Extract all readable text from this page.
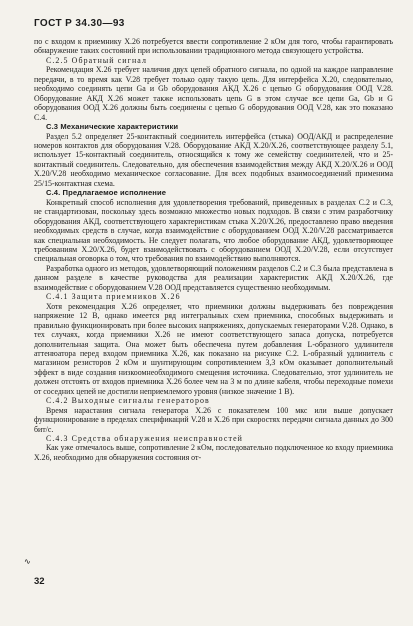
ГОСТ Р 34.30—93

по с входом к приемнику X.26 потребуется ввести сопротивление 2 кОм для того, чтобы гарантировать обнаружение таких состояний при использовании традиционного метода связующего устройства.

С.2.5 Обратный сигнал

Рекомендация X.26 требует наличия двух цепей обратного сигнала, по одной на каждое направление передачи, в то время как V.28 требует только одну такую цепь. Для интерфейса X.20, следовательно, необходимо соединять цепи Ga и Gb оборудования АКД X.26 с цепью G оборудования ООД V.28. Оборудование АКД X.26 может также использовать цепь G в этом случае все цепи Ga, Gb и G оборудования ООД X.26 должны быть соединены с цепью G оборудования ООД V.28, как это показано С.4.

С.3 Механические характеристики

Раздел 5.2 определяет 25-контактный соединитель интерфейса (стыка) ООД/АКД и распределение номеров контактов для оборудования V.28. Оборудование АКД X.20/X.26, соответствующее разделу 5.1, использует 15-контактный соединитель, относящийся к тому же семейству соединителей, что и 25-контактный соединитель. Следовательно, для обеспечения взаимодействия между АКД X.20/X.26 и ООД X.20/V.28 необходимо механическое согласование. Для всех подобных взаимосоединений применима 25/15-контактная схема.

С.4. Предлагаемое исполнение

Конкретный способ исполнения для удовлетворения требований, приведенных в разделах С.2 и С.3, не стандартизован, поскольку здесь возможно множество новых подходов. В связи с этим разработчику оборудования АКД, соответствующего характеристикам стыка X.20/X.26, предоставлено право введения необходимых средств в случае, когда взаимодействие с оборудованием ООД X.20/V.28 рассматривается как специальная необходимость. Не следует полагать, что любое оборудование АКД, удовлетворяющее требованиям X.20/X.26, будет взаимодействовать с оборудованием ООД X.20/V.28, если отсутствует специальная оговорка о том, что требования по взаимодействию выполняются.

Разработка одного из методов, удовлетворяющий положениям разделов С.2 и С.3 была представлена в данном разделе в качестве руководства для реализации характеристик АКД X.20/X.26, где взаимодействие с оборудованием V.28 ООД представляется существенно необходимым.

С.4.1 Защита приемников X.26

Хотя рекомендация X.26 определяет, что приемники должны выдерживать без повреждения напряжение 12 В, однако имеется ряд интегральных схем приемника, способных выдерживать и правильно функционировать при более высоких напряжениях, допускаемых генераторами V.28. Однако, в тех случаях, когда приемники X.26 не имеют соответствующего запаса допуска, потребуется дополнительная защита. Она может быть обеспечена путем добавления L-образного удлинителя аттенюатора перед входом приемника X.26, как показано на рисунке С.2. L-образный удлинитель с магазином резисторов 2 кОм и шунтирующим сопротивлением 3,3 кОм оказывает дополнительный эффект в виде создания низкоомнеобходимого смещения источника. Следовательно, этот удлинитель не должен отстоять от входов приемника X.26 более чем на 3 м по длине кабеля, чтобы переходные помехи от соседних цепей не достигли неприемлемого уровня (низкое значение 1 В).

С.4.2 Выходные сигналы генераторов

Время нарастания сигнала генератора X.26 с показателем 100 мкс или выше допускает функционирование в пределах спецификаций V.28 и X.26 при скоростях передачи сигнала данных до 300 бит/с.

С.4.3 Средства обнаружения неисправностей

Как уже отмечалось выше, сопротивление 2 кОм, последовательно подключенное ко входу приемника X.26, необходимо для обнаружения состояния от-

∿
32
